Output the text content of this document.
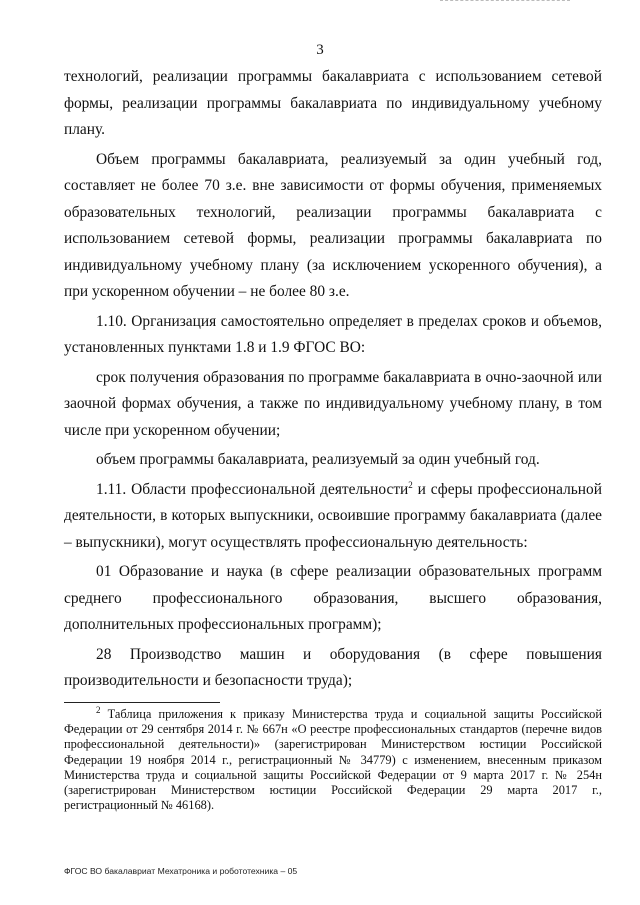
3

технологий, реализации программы бакалавриата с использованием сетевой формы, реализации программы бакалавриата по индивидуальному учебному плану.

Объем программы бакалавриата, реализуемый за один учебный год, составляет не более 70 з.е. вне зависимости от формы обучения, применяемых образовательных технологий, реализации программы бакалавриата с использованием сетевой формы, реализации программы бакалавриата по индивидуальному учебному плану (за исключением ускоренного обучения), а при ускоренном обучении – не более 80 з.е.

1.10. Организация самостоятельно определяет в пределах сроков и объемов, установленных пунктами 1.8 и 1.9 ФГОС ВО:

срок получения образования по программе бакалавриата в очно-заочной или заочной формах обучения, а также по индивидуальному учебному плану, в том числе при ускоренном обучении;

объем программы бакалавриата, реализуемый за один учебный год.

1.11. Области профессиональной деятельности$^2$ и сферы профессиональной деятельности, в которых выпускники, освоившие программу бакалавриата (далее – выпускники), могут осуществлять профессиональную деятельность:

01 Образование и наука (в сфере реализации образовательных программ среднего профессионального образования, высшего образования, дополнительных профессиональных программ);

28 Производство машин и оборудования (в сфере повышения производительности и безопасности труда);

$^2$ Таблица приложения к приказу Министерства труда и социальной защиты Российской Федерации от 29 сентября 2014 г. № 667н «О реестре профессиональных стандартов (перечне видов профессиональной деятельности)» (зарегистрирован Министерством юстиции Российской Федерации 19 ноября 2014 г., регистрационный № 34779) с изменением, внесенным приказом Министерства труда и социальной защиты Российской Федерации от 9 марта 2017 г. № 254н (зарегистрирован Министерством юстиции Российской Федерации 29 марта 2017 г., регистрационный № 46168).

ФГОС ВО бакалавриат Мехатроника и робототехника – 05
